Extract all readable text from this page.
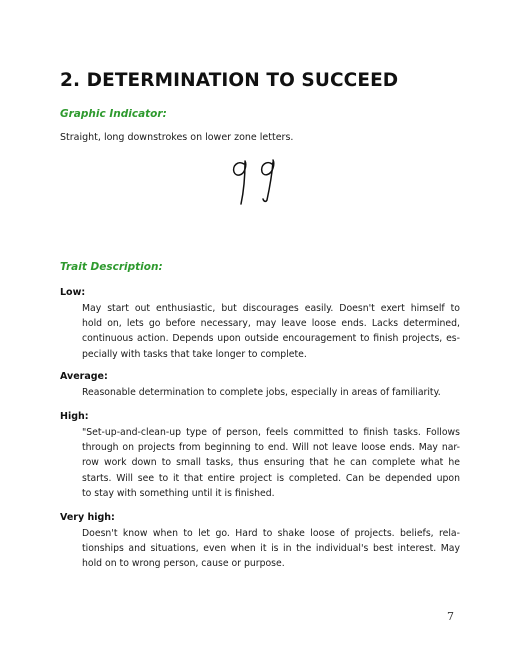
2. DETERMINATION TO SUCCEED
Graphic Indicator:
Straight, long downstrokes on lower zone letters.
Trait Description:

Low:

May start out enthusiastic, but discourages easily. Doesn't exert himself to
hold on, lets go before necessary, may leave loose ends. Lacks determined,
continuous action. Depends upon outside encouragement to finish projects, es-
pecially with tasks that take longer to complete.

Average:

Reasonable determination to complete jobs, especially in areas of familiarity.

High:

"Set-up-and-clean-up type of person, feels committed to finish tasks. Follows
through on projects from beginning to end. Will not leave loose ends. May nar-
row work down to small tasks, thus ensuring that he can complete what he
starts. Will see to it that entire project is completed. Can be depended upon
to stay with something until it is finished.

Very high:

Doesn't know when to let go. Hard to shake loose of projects. beliefs, rela-
tionships and situations, even when it is in the individual's best interest. May
hold on to wrong person, cause or purpose.
7
